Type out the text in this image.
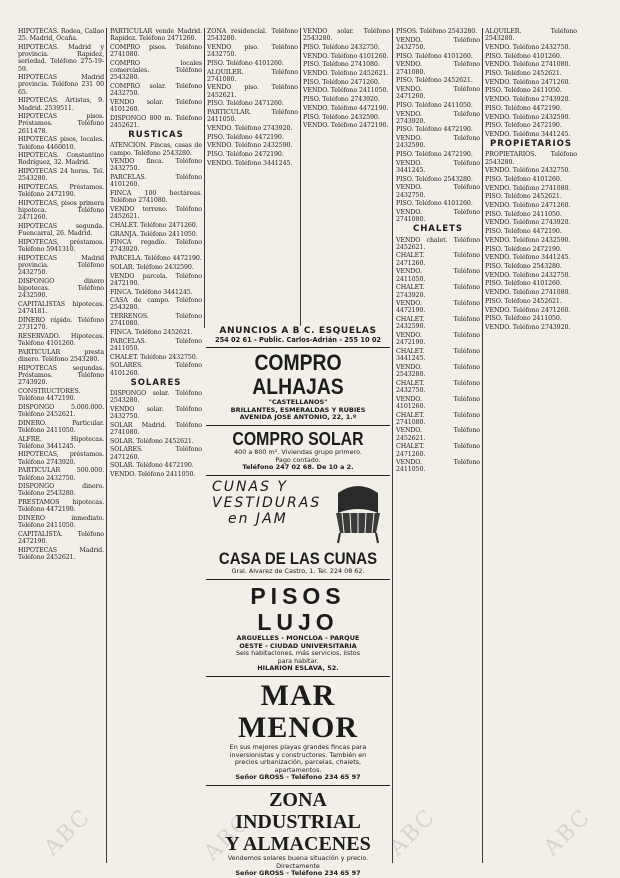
HIPOTECAS. Rodea, Callao 25. Madrid, Ocaña.

HIPOTECAS. Madrid y provincia. Rapidez, seriedad. Teléfono 275-19-59.

HIPOTECAS Madrid provincia. Teléfono 231 00 65.

HIPOTECAS. Artistas, 9. Madrid. 2539511.

HIPOTECAS pisos. Préstamos. Teléfono 2611478.

HIPOTECAS pisos, locales. Teléfono 4460010.

HIPOTECAS. Constantino Rodríguez, 32. Madrid.

HIPOTECAS 24 horas. Tel. 2543280.

HIPOTECAS. Préstamos. Teléfono 2472190.

HIPOTECAS, pisos primera hipoteca. Teléfono 2471260.

HIPOTECAS segunda. Fuencarral, 26. Madrid.

HIPOTECAS, préstamos. Teléfono 5941310.

HIPOTECAS Madrid provincia. Teléfono 2432750.

DISPONGO dinero hipotecas. Teléfono 2432590.

CAPITALISTAS hipotecas. 2474181.

DINERO rápido. Teléfono 2731270.

RESERVADO. Hipotecas. Teléfono 4101260.

PARTICULAR presta dinero. Teléfono 2543280.

HIPOTECAS segundas. Préstamos. Teléfono 2743920.

CONSTRUCTORES. Teléfono 4472190.

DISPONGO 5.000.000. Teléfono 2452621.

DINERO. Particular. Teléfono 2411050.

ALFRE. Hipotecas. Teléfono 3441245.

HIPOTECAS, préstamos. Teléfono 2743920.

PARTICULAR 500.000. Teléfono 2432750.

DISPONGO dinero. Teléfono 2543280.

PRESTAMOS hipotecas. Teléfono 4472190.

DINERO inmediato. Teléfono 2411050.

CAPITALISTA. Teléfono 2472190.

HIPOTECAS Madrid. Teléfono 2452621.

PARTICULAR vende Madrid. Rapidez. Teléfono 2471260.

COMPRO pisos. Teléfono 2741080.

COMPRO locales comerciales. Teléfono 2543280.

COMPRO solar. Teléfono 2432750.

VENDO solar. Teléfono 4101260.

DISPONGO 800 m. Teléfono 2452621.

RUSTICAS

ATENCION. Fincas, casas de campo. Teléfono 2543280.

VENDO finca. Teléfono 2432750.

PARCELAS. Teléfono 4101260.

FINCA 100 hectáreas. Teléfono 2741080.

VENDO terreno. Teléfono 2452621.

CHALET. Teléfono 2471260.

GRANJA. Teléfono 2411050.

FINCA regadío. Teléfono 2743920.

PARCELA. Teléfono 4472190.

SOLAR. Teléfono 2432590.

VENDO parcela. Teléfono 2472190.

FINCA. Teléfono 3441245.

CASA de campo. Teléfono 2543280.

TERRENOS. Teléfono 2741080.

FINCA. Teléfono 2452621.

PARCELAS. Teléfono 2411050.

CHALET. Teléfono 2432750.

SOLARES. Teléfono 4101260.

SOLARES

DISPONGO solar. Teléfono 2543280.

VENDO solar. Teléfono 2432750.

SOLAR Madrid. Teléfono 2741080.

SOLAR. Teléfono 2452621.

SOLARES. Teléfono 2471260.

SOLAR. Teléfono 4472190.

VENDO. Teléfono 2411050.

ZONA residencial. Teléfono 2543280.

VENDO piso. Teléfono 2432750.

PISO. Teléfono 4101260.

ALQUILER. Teléfono 2741080.

VENDO piso. Teléfono 2452621.

PISO. Teléfono 2471260.

PARTICULAR. Teléfono 2411050.

VENDO. Teléfono 2743920.

PISO. Teléfono 4472190.

VENDO. Teléfono 2432590.

PISO. Teléfono 2472190.

VENDO. Teléfono 3441245.

VENDO solar. Teléfono 2543280.

PISO. Teléfono 2432750.

VENDO. Teléfono 4101260.

PISO. Teléfono 2741080.

VENDO. Teléfono 2452621.

PISO. Teléfono 2471260.

VENDO. Teléfono 2411050.

PISO. Teléfono 2743920.

VENDO. Teléfono 4472190.

PISO. Teléfono 2432590.

VENDO. Teléfono 2472190.

PISOS. Teléfono 2543280.

VENDO. Teléfono 2432750.

PISO. Teléfono 4101260.

VENDO. Teléfono 2741080.

PISO. Teléfono 2452621.

VENDO. Teléfono 2471260.

PISO. Teléfono 2411050.

VENDO. Teléfono 2743920.

PISO. Teléfono 4472190.

VENDO. Teléfono 2432590.

PISO. Teléfono 2472190.

VENDO. Teléfono 3441245.

PISO. Teléfono 2543280.

VENDO. Teléfono 2432750.

PISO. Teléfono 4101260.

VENDO. Teléfono 2741080.

CHALETS

VENDO chalet. Teléfono 2452621.

CHALET. Teléfono 2471260.

VENDO. Teléfono 2411050.

CHALET. Teléfono 2743920.

VENDO. Teléfono 4472190.

CHALET. Teléfono 2432590.

VENDO. Teléfono 2472190.

CHALET. Teléfono 3441245.

VENDO. Teléfono 2543280.

CHALET. Teléfono 2432750.

VENDO. Teléfono 4101260.

CHALET. Teléfono 2741080.

VENDO. Teléfono 2452621.

CHALET. Teléfono 2471260.

VENDO. Teléfono 2411050.

ALQUILER. Teléfono 2543280.

VENDO. Teléfono 2432750.

PISO. Teléfono 4101260.

VENDO. Teléfono 2741080.

PISO. Teléfono 2452621.

VENDO. Teléfono 2471260.

PISO. Teléfono 2411050.

VENDO. Teléfono 2743920.

PISO. Teléfono 4472190.

VENDO. Teléfono 2432590.

PISO. Teléfono 2472190.

VENDO. Teléfono 3441245.

PROPIETARIOS

PROPIETARIOS. Teléfono 2543280.

VENDO. Teléfono 2432750.

PISO. Teléfono 4101260.

VENDO. Teléfono 2741080.

PISO. Teléfono 2452621.

VENDO. Teléfono 2471260.

PISO. Teléfono 2411050.

VENDO. Teléfono 2743920.

PISO. Teléfono 4472190.

VENDO. Teléfono 2432590.

PISO. Teléfono 2472190.

VENDO. Teléfono 3441245.

PISO. Teléfono 2543280.

VENDO. Teléfono 2432750.

PISO. Teléfono 4101260.

VENDO. Teléfono 2741080.

PISO. Teléfono 2452621.

VENDO. Teléfono 2471260.

PISO. Teléfono 2411050.

VENDO. Teléfono 2743920.

ANUNCIOS A B C. ESQUELAS
254 02 61 - Public. Carlos-Adrián - 255 10 02
COMPRO ALHAJAS
"CASTELLANOS"
BRILLANTES, ESMERALDAS Y RUBIES
AVENIDA JOSE ANTONIO, 22, 1.º
COMPRO SOLAR
400 a 800 m². Viviendas grupo primero.
Pago contado.
Teléfono 247 02 68. De 10 a 2.
CUNAS Y
VESTIDURAS
en JAM
CASA DE LAS CUNAS
Gral. Alvarez de Castro, 1. Tel. 224 08 62.
PISOS LUJO
ARGUELLES - MONCLOA - PARQUE
OESTE - CIUDAD UNIVERSITARIA
Seis habitaciones, más servicios, listos
para habitar.
HILARION ESLAVA, 52.
MAR MENOR
En sus mejores playas grandes fincas para
inversionistas y constructores. También en
precios urbanización, parcelas, chalets,
apartamentos.
Señor GROSS - Teléfono 234 65 97
ZONA INDUSTRIAL
Y ALMACENES
Vendemos solares buena situación y precio.
Directamente
Señor GROSS - Teléfono 234 65 97
ABC	ABC	ABC	ABC
